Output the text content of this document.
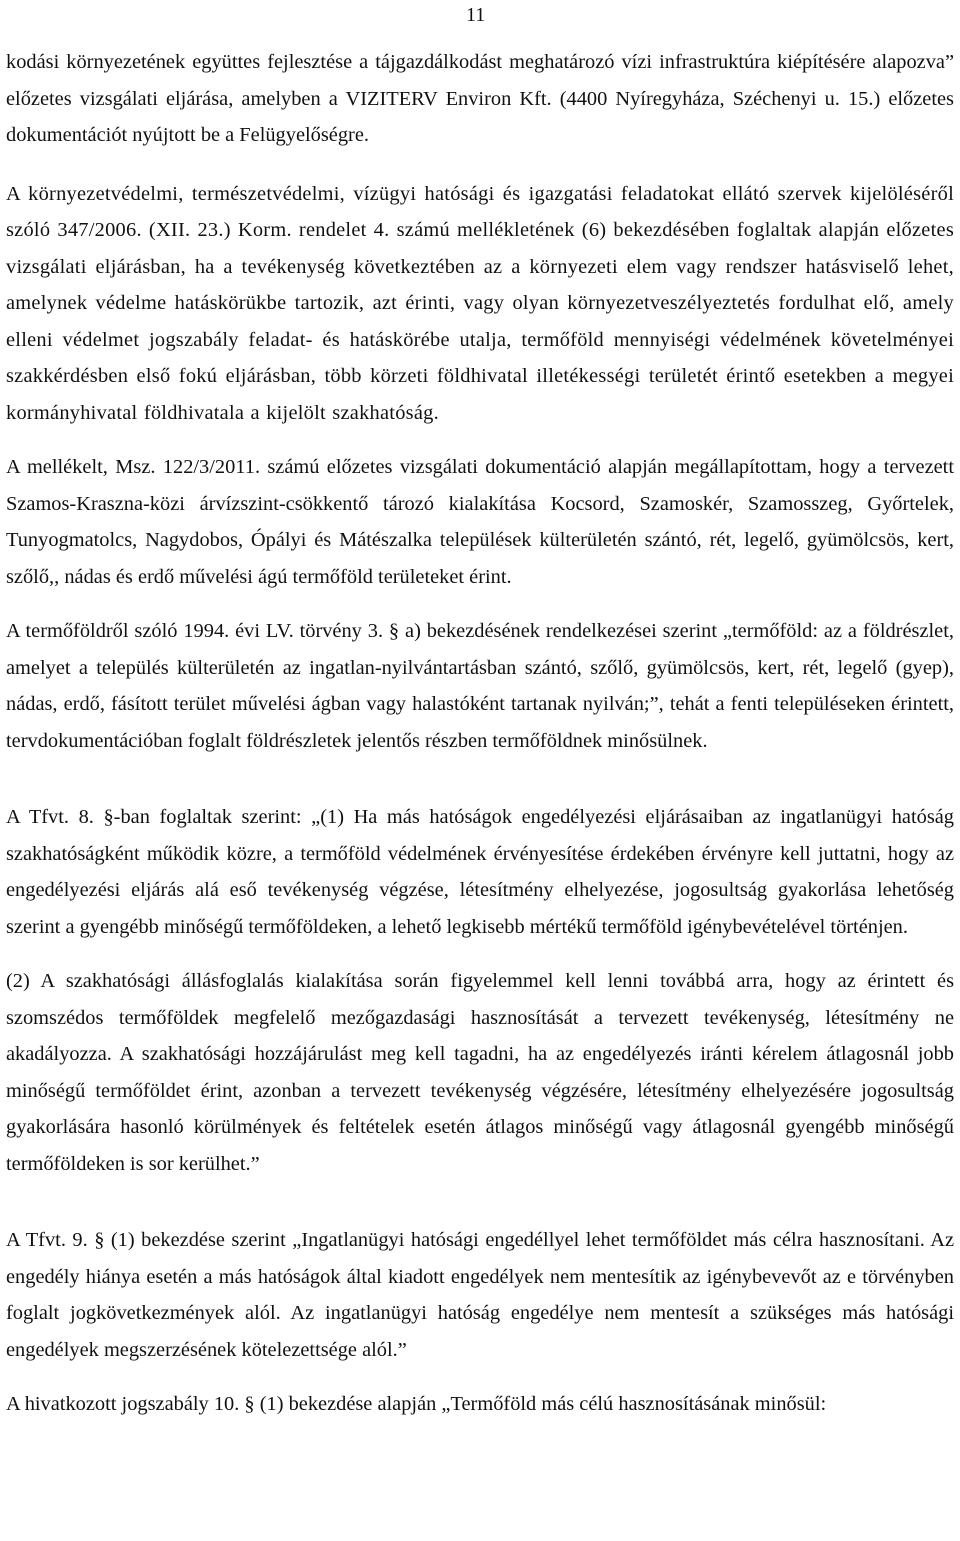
11

kodási környezetének együttes fejlesztése a tájgazdálkodást meghatározó vízi infrastruktúra kiépítésére alapozva” előzetes vizsgálati eljárása, amelyben a VIZITERV Environ Kft. (4400 Nyíregyháza, Széchenyi u. 15.) előzetes dokumentációt nyújtott be a Felügyelőségre.

A környezetvédelmi, természetvédelmi, vízügyi hatósági és igazgatási feladatokat ellátó szervek kijelöléséről szóló 347/2006. (XII. 23.) Korm. rendelet 4. számú mellékletének (6) bekezdésében foglaltak alapján előzetes vizsgálati eljárásban, ha a tevékenység következtében az a környezeti elem vagy rendszer hatásviselő lehet, amelynek védelme hatáskörükbe tartozik, azt érinti, vagy olyan környezetveszélyeztetés fordulhat elő, amely elleni védelmet jogszabály feladat- és hatáskörébe utalja, termőföld mennyiségi védelmének követelményei szakkérdésben első fokú eljárásban, több körzeti földhivatal illetékességi területét érintő esetekben a megyei kormányhivatal földhivatala a kijelölt szakhatóság.

A mellékelt, Msz. 122/3/2011. számú előzetes vizsgálati dokumentáció alapján megállapítottam, hogy a tervezett Szamos-Kraszna-közi árvízszint-csökkentő tározó kialakítása Kocsord, Szamoskér, Szamosszeg, Győrtelek, Tunyogmatolcs, Nagydobos, Ópályi és Mátészalka települések külterületén szántó, rét, legelő, gyümölcsös, kert, szőlő,, nádas és erdő művelési ágú termőföld területeket érint.

A termőföldről szóló 1994. évi LV. törvény 3. § a) bekezdésének rendelkezései szerint „termőföld: az a földrészlet, amelyet a település külterületén az ingatlan-nyilvántartásban szántó, szőlő, gyümölcsös, kert, rét, legelő (gyep), nádas, erdő, fásított terület művelési ágban vagy halastóként tartanak nyilván;”, tehát a fenti településeken érintett, tervdokumentációban foglalt földrészletek jelentős részben termőföldnek minősülnek.

A Tfvt. 8. §-ban foglaltak szerint: „(1) Ha más hatóságok engedélyezési eljárásaiban az ingatlanügyi hatóság szakhatóságként működik közre, a termőföld védelmének érvényesítése érdekében érvényre kell juttatni, hogy az engedélyezési eljárás alá eső tevékenység végzése, létesítmény elhelyezése, jogosultság gyakorlása lehetőség szerint a gyengébb minőségű termőföldeken, a lehető legkisebb mértékű termőföld igénybevételével történjen.

(2) A szakhatósági állásfoglalás kialakítása során figyelemmel kell lenni továbbá arra, hogy az érintett és szomszédos termőföldek megfelelő mezőgazdasági hasznosítását a tervezett tevékenység, létesítmény ne akadályozza. A szakhatósági hozzájárulást meg kell tagadni, ha az engedélyezés iránti kérelem átlagosnál jobb minőségű termőföldet érint, azonban a tervezett tevékenység végzésére, létesítmény elhelyezésére jogosultság gyakorlására hasonló körülmények és feltételek esetén átlagos minőségű vagy átlagosnál gyengébb minőségű termőföldeken is sor kerülhet.”

A Tfvt. 9. § (1) bekezdése szerint „Ingatlanügyi hatósági engedéllyel lehet termőföldet más célra hasznosítani. Az engedély hiánya esetén a más hatóságok által kiadott engedélyek nem mentesítik az igénybevevőt az e törvényben foglalt jogkövetkezmények alól. Az ingatlanügyi hatóság engedélye nem mentesít a szükséges más hatósági engedélyek megszerzésének kötelezettsége alól.”

A hivatkozott jogszabály 10. § (1) bekezdése alapján „Termőföld más célú hasznosításának minősül:
